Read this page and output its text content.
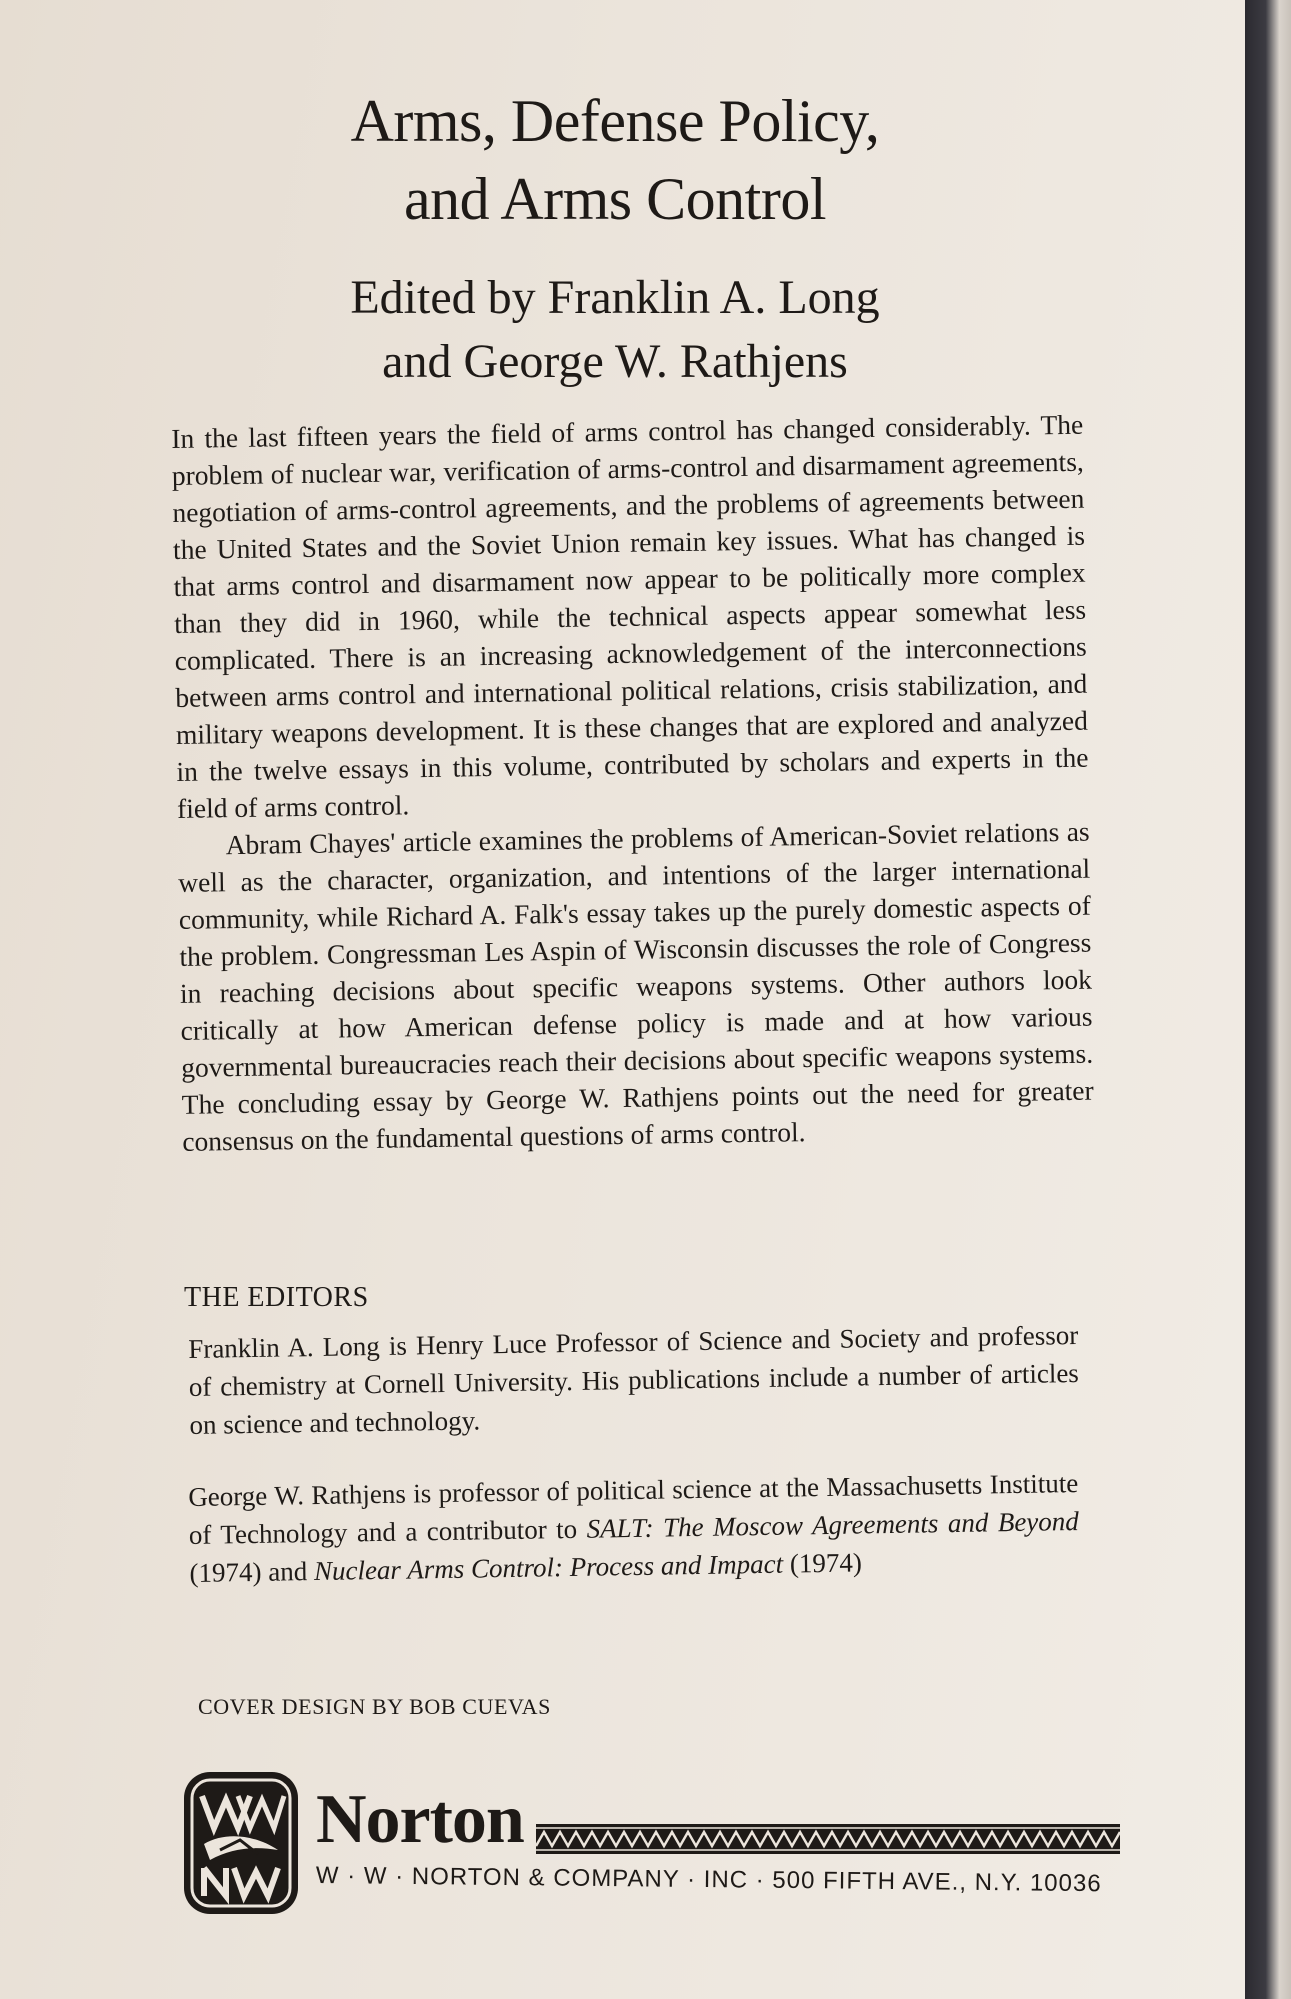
Arms, Defense Policy,
and Arms Control
Edited by Franklin A. Long
and George W. Rathjens

In the last fifteen years the field of arms control has changed considerably. The problem of nuclear war, verification of arms-control and disarmament agreements, negotiation of arms-control agreements, and the problems of agreements between the United States and the Soviet Union remain key issues. What has changed is that arms control and disarmament now appear to be politically more complex than they did in 1960, while the technical aspects appear somewhat less complicated. There is an increasing acknowledgement of the interconnections between arms control and international political relations, crisis stabilization, and military weapons development. It is these changes that are explored and analyzed in the twelve essays in this volume, contributed by scholars and experts in the field of arms control.

Abram Chayes' article examines the problems of American-Soviet relations as well as the character, organization, and intentions of the larger international community, while Richard A. Falk's essay takes up the purely domestic aspects of the problem. Congressman Les Aspin of Wisconsin discusses the role of Congress in reaching decisions about specific weapons systems. Other authors look critically at how American defense policy is made and at how various governmental bureaucracies reach their decisions about specific weapons systems. The concluding essay by George W. Rathjens points out the need for greater consensus on the fundamental questions of arms control.

THE EDITORS

Franklin A. Long is Henry Luce Professor of Science and Society and professor of chemistry at Cornell University. His publications include a number of articles on science and technology.

George W. Rathjens is professor of political science at the Massachusetts Institute of Technology and a contributor to SALT: The Moscow Agreements and Beyond (1974) and Nuclear Arms Control: Process and Impact (1974)

COVER DESIGN BY BOB CUEVAS
Norton
W · W · NORTON & COMPANY · INC · 500 FIFTH AVE., N.Y. 10036
